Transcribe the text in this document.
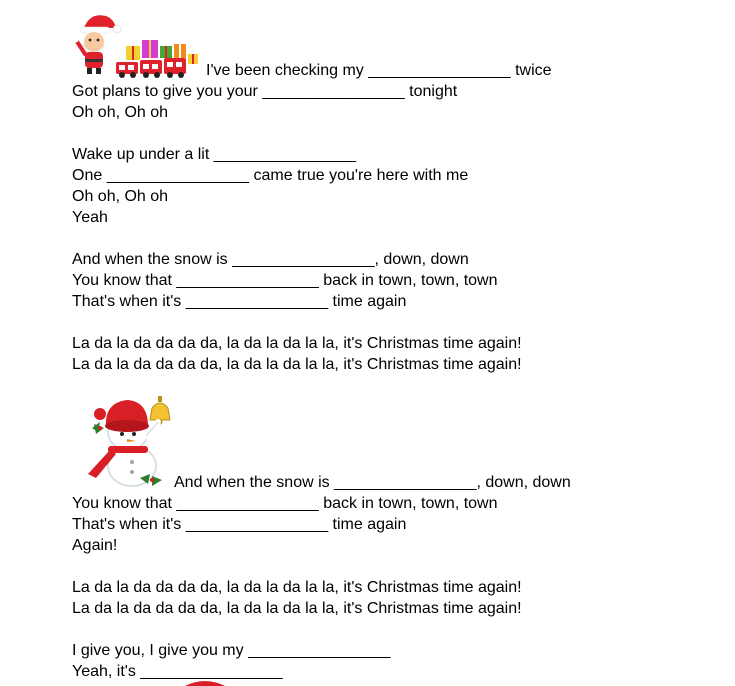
I've been checking my ________________ twice
Got plans to give you your ________________ tonight
Oh oh, Oh oh
Wake up under a lit ________________
One ________________ came true you're here with me
Oh oh, Oh oh
Yeah
And when the snow is ________________, down, down
You know that ________________ back in town, town, town
That's when it's ________________ time again
La da la da da da da, la da la da la la, it's Christmas time again!
La da la da da da da, la da la da la la, it's Christmas time again!
And when the snow is ________________, down, down
You know that ________________ back in town, town, town
That's when it's ________________ time again
Again!
La da la da da da da, la da la da la la, it's Christmas time again!
La da la da da da da, la da la da la la, it's Christmas time again!
I give you, I give you my ________________
Yeah, it's ________________
